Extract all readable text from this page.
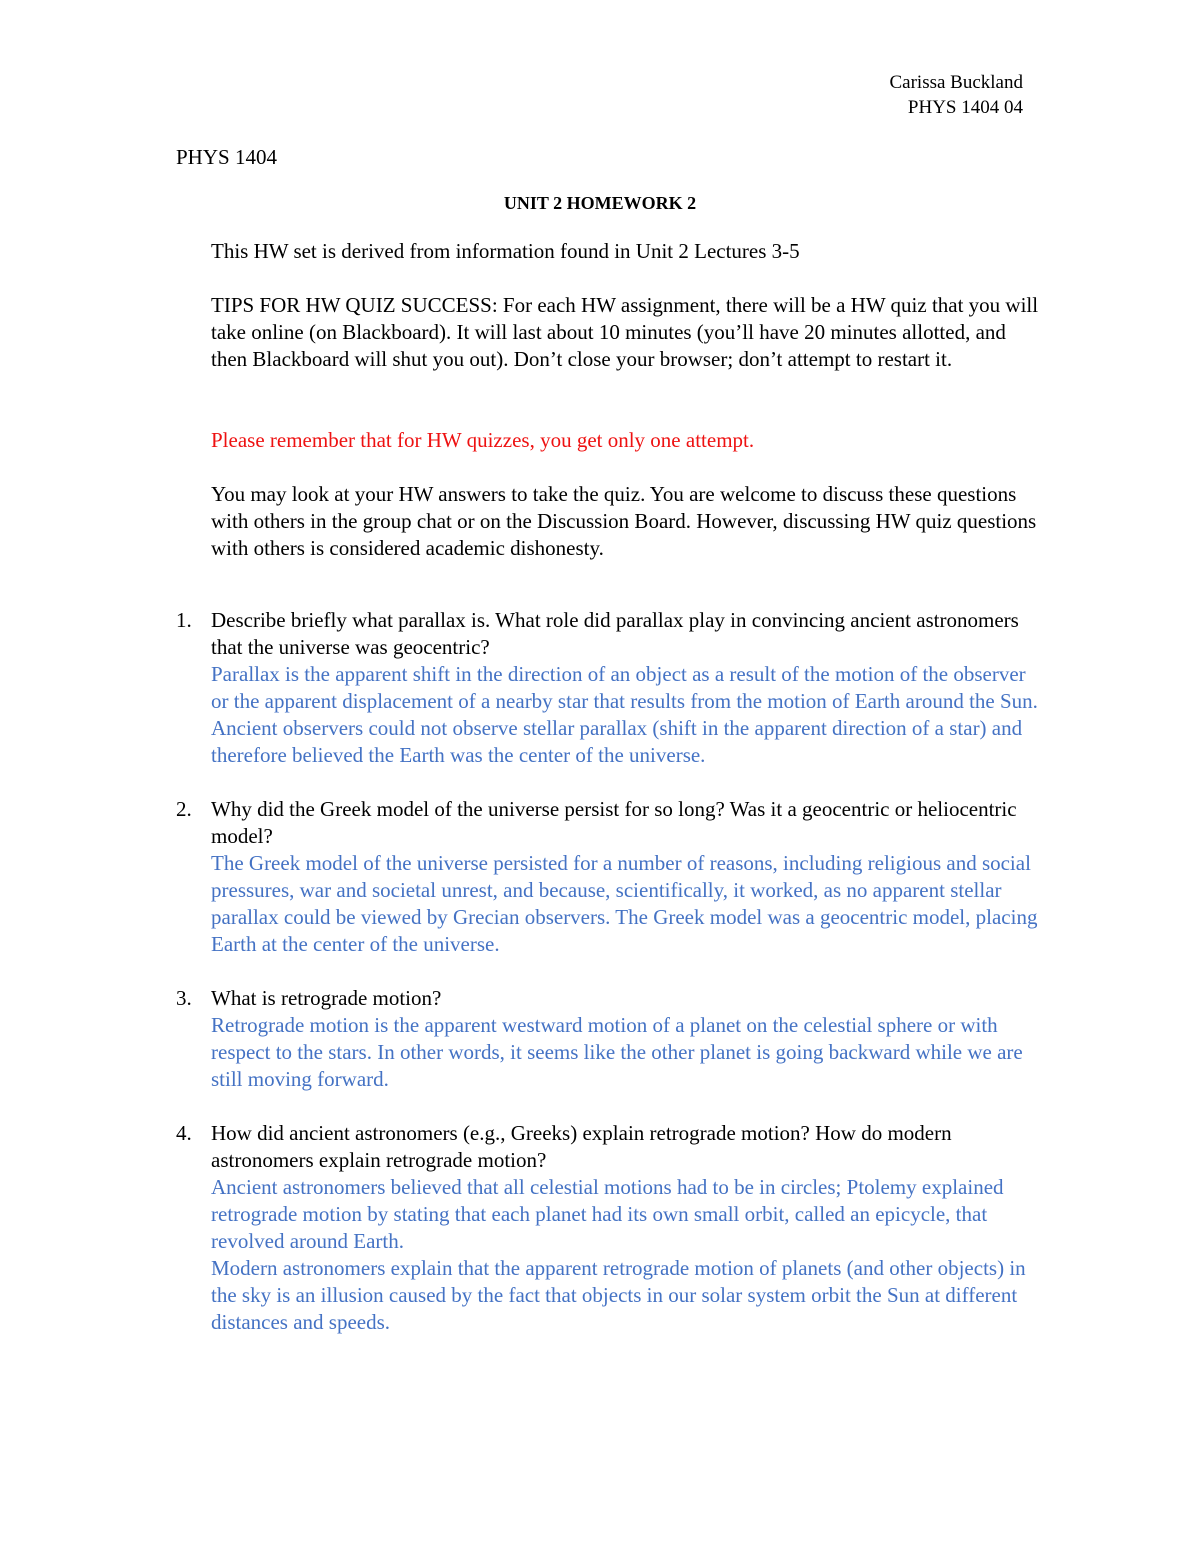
Carissa Buckland
PHYS 1404 04
PHYS 1404
UNIT 2 HOMEWORK 2

This HW set is derived from information found in Unit 2 Lectures 3-5

TIPS FOR HW QUIZ SUCCESS: For each HW assignment, there will be a HW quiz that you will take online (on Blackboard). It will last about 10 minutes (you’ll have 20 minutes allotted, and then Blackboard will shut you out). Don’t close your browser; don’t attempt to restart it.

Please remember that for HW quizzes, you get only one attempt.

You may look at your HW answers to take the quiz. You are welcome to discuss these questions with others in the group chat or on the Discussion Board. However, discussing HW quiz questions with others is considered academic dishonesty.

1. Describe briefly what parallax is. What role did parallax play in convincing ancient astronomers that the universe was geocentric?

Parallax is the apparent shift in the direction of an object as a result of the motion of the observer or the apparent displacement of a nearby star that results from the motion of Earth around the Sun. Ancient observers could not observe stellar parallax (shift in the apparent direction of a star) and therefore believed the Earth was the center of the universe.

2. Why did the Greek model of the universe persist for so long? Was it a geocentric or heliocentric model?

The Greek model of the universe persisted for a number of reasons, including religious and social pressures, war and societal unrest, and because, scientifically, it worked, as no apparent stellar parallax could be viewed by Grecian observers. The Greek model was a geocentric model, placing Earth at the center of the universe.

3. What is retrograde motion?

Retrograde motion is the apparent westward motion of a planet on the celestial sphere or with respect to the stars. In other words, it seems like the other planet is going backward while we are still moving forward.

4. How did ancient astronomers (e.g., Greeks) explain retrograde motion? How do modern astronomers explain retrograde motion?

Ancient astronomers believed that all celestial motions had to be in circles; Ptolemy explained retrograde motion by stating that each planet had its own small orbit, called an epicycle, that revolved around Earth.

Modern astronomers explain that the apparent retrograde motion of planets (and other objects) in the sky is an illusion caused by the fact that objects in our solar system orbit the Sun at different distances and speeds.
